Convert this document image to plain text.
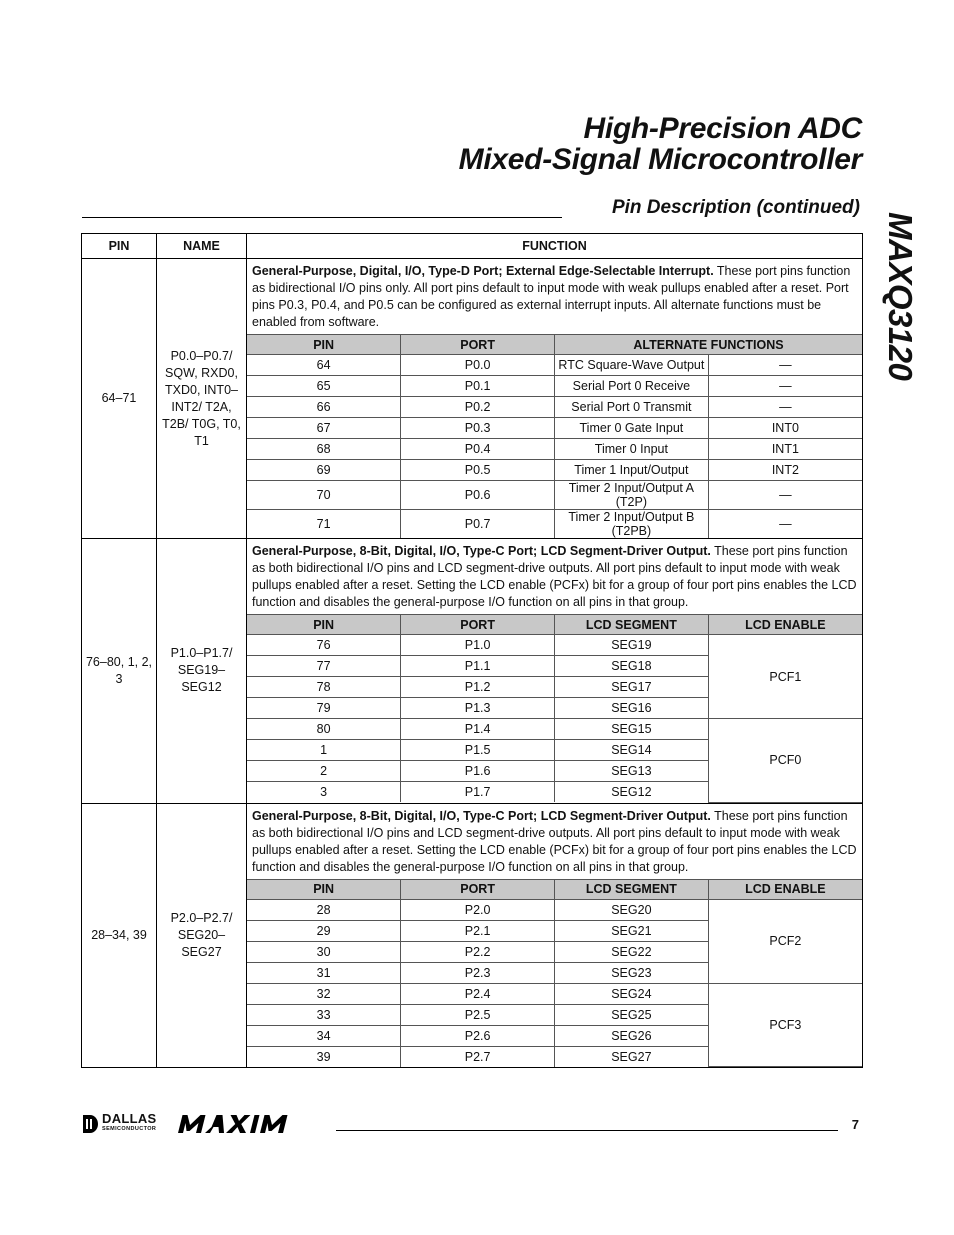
High-Precision ADC
Mixed-Signal Microcontroller
Pin Description (continued)
MAXQ3120
PIN	NAME	FUNCTION
64–71	P0.0–P0.7/ SQW, RXD0, TXD0, INT0–INT2/ T2A, T2B/ T0G, T0, T1	
General-Purpose, Digital, I/O, Type-D Port; External Edge-Selectable Interrupt. These port pins function as bidirectional I/O pins only. All port pins default to input mode with weak pullups enabled after a reset. Port pins P0.3, P0.4, and P0.5 can be configured as external interrupt inputs. All alternate functions must be enabled from software.
PIN	PORT	ALTERNATE FUNCTIONS
64	P0.0	RTC Square-Wave Output	—
65	P0.1	Serial Port 0 Receive	—
66	P0.2	Serial Port 0 Transmit	—
67	P0.3	Timer 0 Gate Input	INT0
68	P0.4	Timer 0 Input	INT1
69	P0.5	Timer 1 Input/Output	INT2
70	P0.6	Timer 2 Input/Output A (T2P)	—
71	P0.7	Timer 2 Input/Output B (T2PB)	—

76–80, 1, 2, 3	P1.0–P1.7/ SEG19– SEG12	
General-Purpose, 8-Bit, Digital, I/O, Type-C Port; LCD Segment-Driver Output. These port pins function as both bidirectional I/O pins and LCD segment-drive outputs. All port pins default to input mode with weak pullups enabled after a reset. Setting the LCD enable (PCFx) bit for a group of four port pins enables the LCD function and disables the general-purpose I/O function on all pins in that group.
PIN	PORT	LCD SEGMENT	LCD ENABLE
76	P1.0	SEG19	PCF1
77	P1.1	SEG18
78	P1.2	SEG17
79	P1.3	SEG16
80	P1.4	SEG15	PCF0
1	P1.5	SEG14
2	P1.6	SEG13
3	P1.7	SEG12

28–34, 39	P2.0–P2.7/ SEG20– SEG27	
General-Purpose, 8-Bit, Digital, I/O, Type-C Port; LCD Segment-Driver Output. These port pins function as both bidirectional I/O pins and LCD segment-drive outputs. All port pins default to input mode with weak pullups enabled after a reset. Setting the LCD enable (PCFx) bit for a group of four port pins enables the LCD function and disables the general-purpose I/O function on all pins in that group.
PIN	PORT	LCD SEGMENT	LCD ENABLE
28	P2.0	SEG20	PCF2
29	P2.1	SEG21
30	P2.2	SEG22
31	P2.3	SEG23
32	P2.4	SEG24	PCF3
33	P2.5	SEG25
34	P2.6	SEG26
39	P2.7	SEG27
DALLAS
SEMICONDUCTOR	7
